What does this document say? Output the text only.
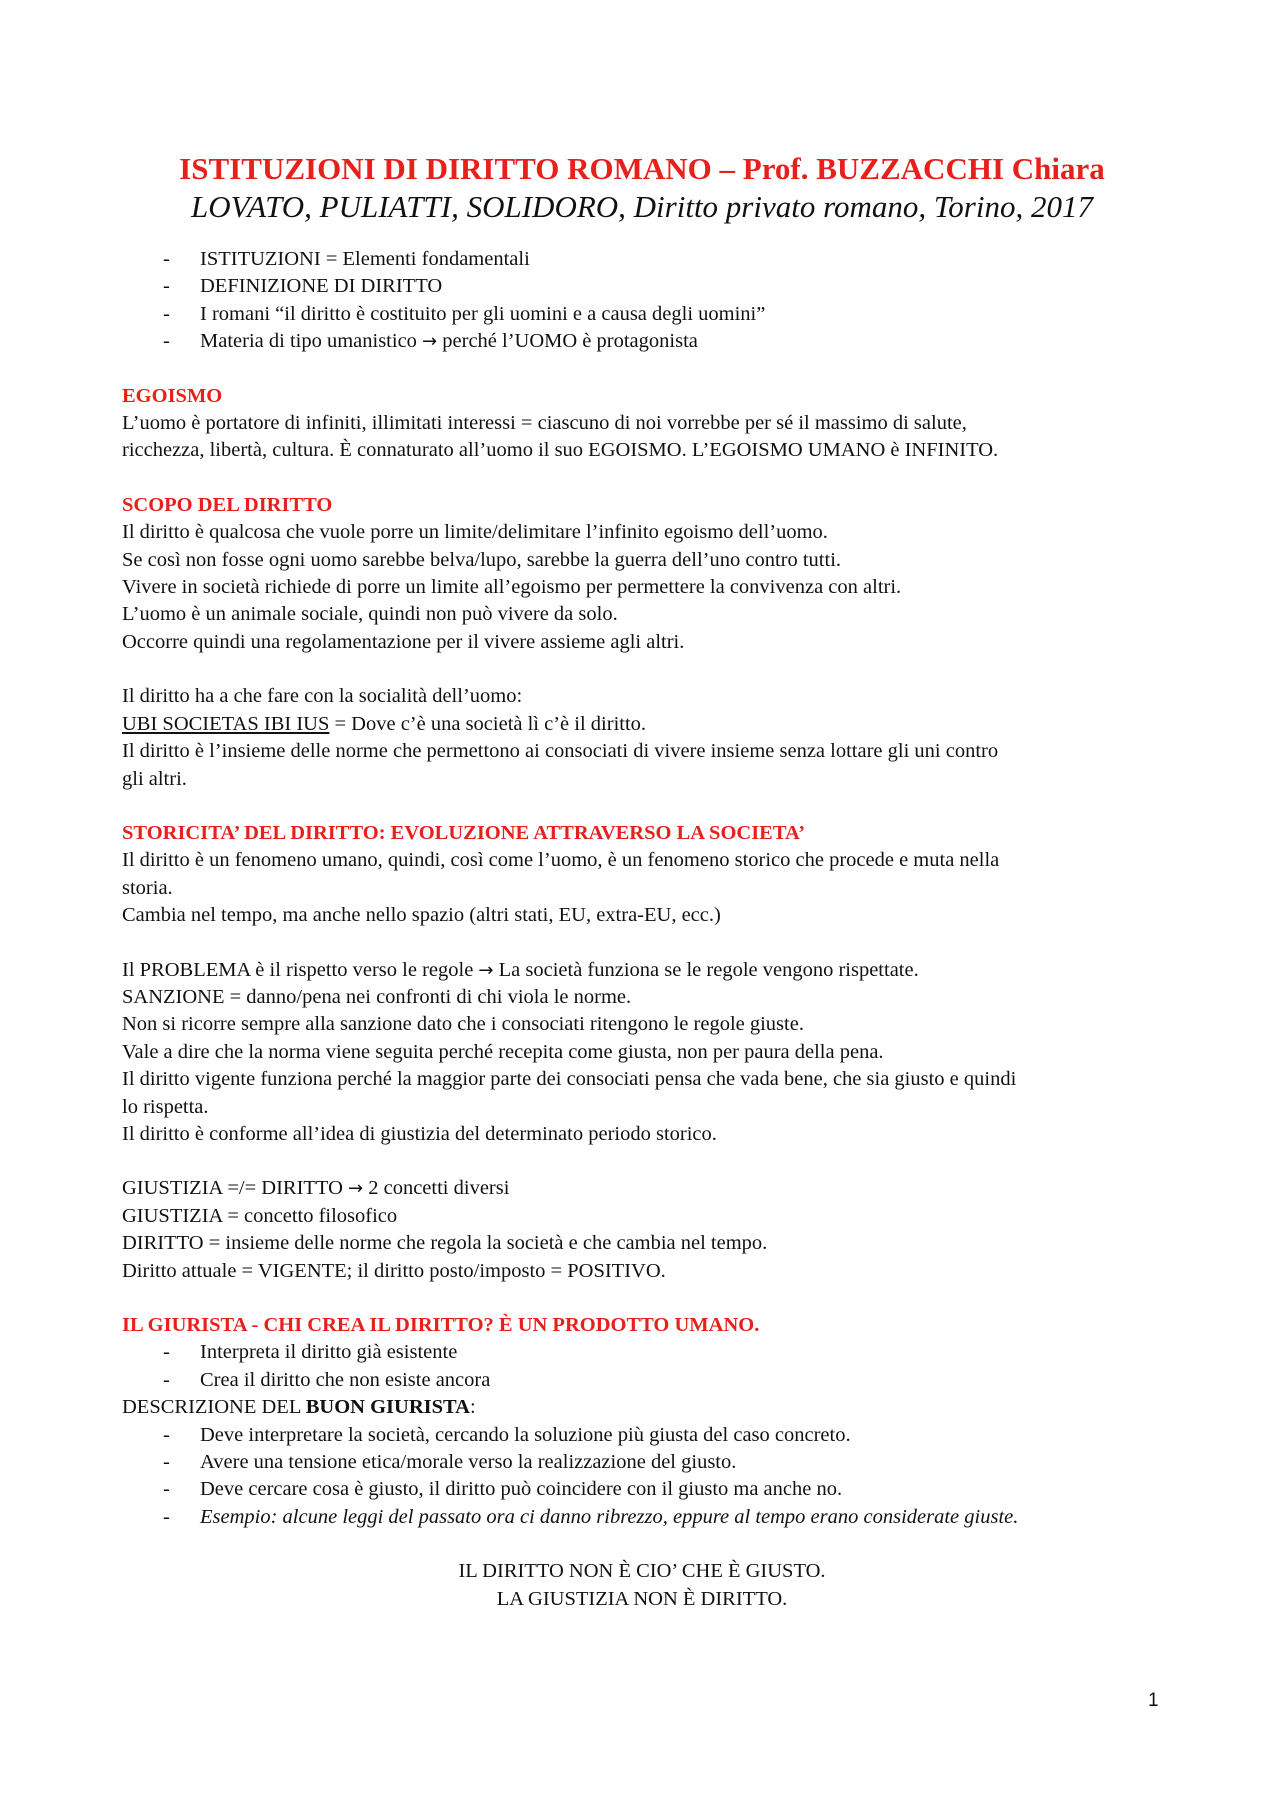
ISTITUZIONI DI DIRITTO ROMANO – Prof. BUZZACCHI Chiara

LOVATO, PULIATTI, SOLIDORO, Diritto privato romano, Torino, 2017

- ISTITUZIONI = Elementi fondamentali
- DEFINIZIONE DI DIRITTO
- I romani “il diritto è costituito per gli uomini e a causa degli uomini”
- Materia di tipo umanistico → perché l’UOMO è protagonista
EGOISMO

L’uomo è portatore di infiniti, illimitati interessi = ciascuno di noi vorrebbe per sé il massimo di salute,

ricchezza, libertà, cultura. È connaturato all’uomo il suo EGOISMO. L’EGOISMO UMANO è INFINITO.

SCOPO DEL DIRITTO

Il diritto è qualcosa che vuole porre un limite/delimitare l’infinito egoismo dell’uomo.

Se così non fosse ogni uomo sarebbe belva/lupo, sarebbe la guerra dell’uno contro tutti.

Vivere in società richiede di porre un limite all’egoismo per permettere la convivenza con altri.

L’uomo è un animale sociale, quindi non può vivere da solo.

Occorre quindi una regolamentazione per il vivere assieme agli altri.

Il diritto ha a che fare con la socialità dell’uomo:

UBI SOCIETAS IBI IUS = Dove c’è una società lì c’è il diritto.

Il diritto è l’insieme delle norme che permettono ai consociati di vivere insieme senza lottare gli uni contro

gli altri.

STORICITA’ DEL DIRITTO: EVOLUZIONE ATTRAVERSO LA SOCIETA’

Il diritto è un fenomeno umano, quindi, così come l’uomo, è un fenomeno storico che procede e muta nella

storia.

Cambia nel tempo, ma anche nello spazio (altri stati, EU, extra-EU, ecc.)

Il PROBLEMA è il rispetto verso le regole → La società funziona se le regole vengono rispettate.

SANZIONE = danno/pena nei confronti di chi viola le norme.

Non si ricorre sempre alla sanzione dato che i consociati ritengono le regole giuste.

Vale a dire che la norma viene seguita perché recepita come giusta, non per paura della pena.

Il diritto vigente funziona perché la maggior parte dei consociati pensa che vada bene, che sia giusto e quindi

lo rispetta.

Il diritto è conforme all’idea di giustizia del determinato periodo storico.

GIUSTIZIA =/= DIRITTO → 2 concetti diversi

GIUSTIZIA = concetto filosofico

DIRITTO = insieme delle norme che regola la società e che cambia nel tempo.

Diritto attuale = VIGENTE; il diritto posto/imposto = POSITIVO.

IL GIURISTA - CHI CREA IL DIRITTO? È UN PRODOTTO UMANO.
- Interpreta il diritto già esistente
- Crea il diritto che non esiste ancora

DESCRIZIONE DEL BUON GIURISTA:

- Deve interpretare la società, cercando la soluzione più giusta del caso concreto.
- Avere una tensione etica/morale verso la realizzazione del giusto.
- Deve cercare cosa è giusto, il diritto può coincidere con il giusto ma anche no.
- Esempio: alcune leggi del passato ora ci danno ribrezzo, eppure al tempo erano considerate giuste.

IL DIRITTO NON È CIO’ CHE È GIUSTO.

LA GIUSTIZIA NON È DIRITTO.

1
